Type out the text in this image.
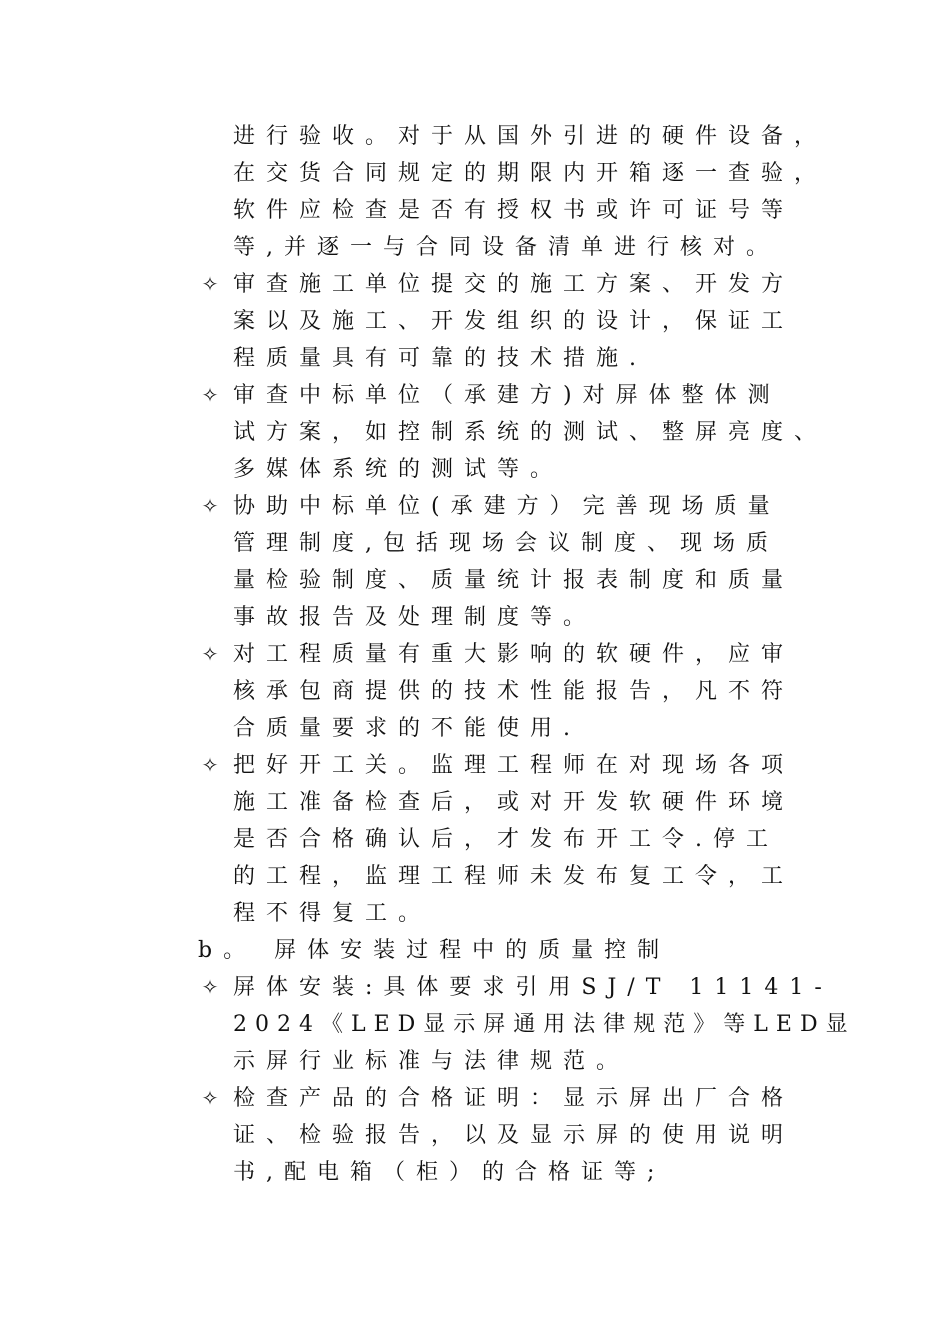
进行验收。对于从国外引进的硬件设备，
在交货合同规定的期限内开箱逐一查验，
软件应检查是否有授权书或许可证号等
等,并逐一与合同设备清单进行核对。
✧ 审查施工单位提交的施工方案、开发方
案以及施工、开发组织的设计，保证工
程质量具有可靠的技术措施.
✧ 审查中标单位（承建方)对屏体整体测
试方案，如控制系统的测试、整屏亮度、
多媒体系统的测试等。
✧ 协助中标单位(承建方）完善现场质量
管理制度,包括现场会议制度、现场质
量检验制度、质量统计报表制度和质量
事故报告及处理制度等。
✧ 对工程质量有重大影响的软硬件，应审
核承包商提供的技术性能报告，凡不符
合质量要求的不能使用.
✧ 把好开工关。监理工程师在对现场各项
施工准备检查后，或对开发软硬件环境
是否合格确认后，才发布开工令.停工
的工程，监理工程师未发布复工令，工
程不得复工。
b。 屏体安装过程中的质量控制
✧ 屏体安装:具体要求引用SJ/T 11141-
2024《LED显示屏通用法律规范》等LED显
示屏行业标准与法律规范。
✧ 检查产品的合格证明：显示屏出厂合格
证、检验报告，以及显示屏的使用说明
书,配电箱（柜）的合格证等;
